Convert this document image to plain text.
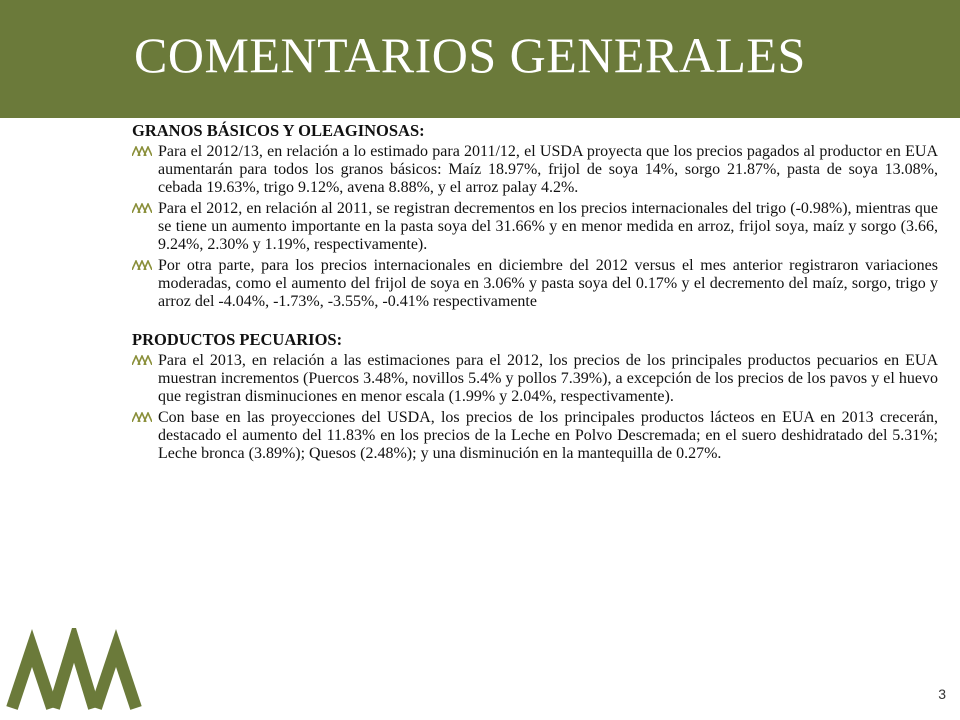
COMENTARIOS GENERALES
GRANOS BÁSICOS Y OLEAGINOSAS:
Para el 2012/13, en relación a lo estimado para 2011/12, el USDA proyecta que los precios pagados al productor en EUA aumentarán para todos los granos básicos: Maíz 18.97%, frijol de soya 14%, sorgo 21.87%, pasta de soya 13.08%, cebada 19.63%, trigo 9.12%, avena 8.88%, y el arroz palay 4.2%.
Para el 2012, en relación al 2011, se registran decrementos en los precios internacionales del trigo (-0.98%), mientras que se tiene un aumento importante en la pasta soya del 31.66% y en menor medida en arroz, frijol soya, maíz y sorgo (3.66, 9.24%, 2.30% y 1.19%, respectivamente).
Por otra parte, para los precios internacionales en diciembre del 2012 versus el mes anterior registraron variaciones moderadas, como el aumento del frijol de soya en 3.06% y pasta soya del 0.17% y el decremento del maíz, sorgo, trigo y arroz del -4.04%, -1.73%, -3.55%, -0.41% respectivamente
PRODUCTOS PECUARIOS:
Para el 2013, en relación a las estimaciones para el 2012, los precios de los principales productos pecuarios en EUA muestran incrementos (Puercos 3.48%, novillos 5.4% y pollos 7.39%), a excepción de los precios de los pavos y el huevo que registran disminuciones en menor escala (1.99% y 2.04%, respectivamente).
Con base en las proyecciones del USDA, los precios de los principales productos lácteos en EUA en 2013 crecerán, destacado el aumento del 11.83% en los precios de la Leche en Polvo Descremada; en el suero deshidratado del 5.31%; Leche bronca (3.89%); Quesos (2.48%); y una disminución en la mantequilla de 0.27%.
3
